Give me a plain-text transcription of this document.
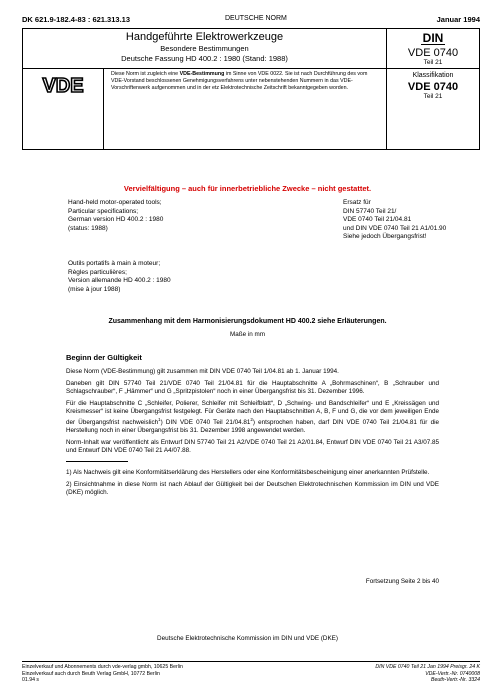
DK 621.9-182.4-83 : 621.313.13	DEUTSCHE NORM	Januar 1994
Handgeführte Elektrowerkzeuge
Besondere Bestimmungen
Deutsche Fassung HD 400.2 : 1980 (Stand: 1988)
DIN
VDE 0740
Teil 21
VDE
Diese Norm ist zugleich eine VDE-Bestimmung im Sinne von VDE 0022. Sie ist nach Durchführung des vom VDE-Vorstand beschlossenen Genehmigungsverfahrens unter nebenstehenden Nummern in das VDE-Vorschriftenwerk aufgenommen und in der etz Elektrotechnische Zeitschrift bekanntgegeben worden.
Klassifikation
VDE 0740
Teil 21
Vervielfältigung – auch für innerbetriebliche Zwecke – nicht gestattet.
Hand-held motor-operated tools;
Particular specifications;
German version HD 400.2 : 1980
(status: 1988)
Outils portatifs à main à moteur;
Règles particulières;
Version allemande HD 400.2 : 1980
(mise à jour 1988)
Ersatz für
DIN 57740 Teil 21/
VDE 0740 Teil 21/04.81
und DIN VDE 0740 Teil 21 A1/01.90
Siehe jedoch Übergangsfrist!
Zusammenhang mit dem Harmonisierungsdokument HD 400.2 siehe Erläuterungen.
Maße in mm
Beginn der Gültigkeit

Diese Norm (VDE-Bestimmung) gilt zusammen mit DIN VDE 0740 Teil 1/04.81 ab 1. Januar 1994.

Daneben gilt DIN 57740 Teil 21/VDE 0740 Teil 21/04.81 für die Hauptabschnitte A „Bohrmaschinen“, B „Schrauber und Schlagschrauber“, F „Hämmer“ und G „Spritzpistolen“ noch in einer Übergangsfrist bis 31. Dezember 1996.

Für die Hauptabschnitte C „Schleifer, Polierer, Schleifer mit Schleifblatt“, D „Schwing- und Bandschleifer“ und E „Kreissägen und Kreismesser“ ist keine Übergangsfrist festgelegt. Für Geräte nach den Hauptabschnitten A, B, F und G, die vor dem jeweiligen Ende der Übergangsfrist nachweislich$^1$) DIN VDE 0740 Teil 21/04.81$^2$) entsprochen haben, darf DIN VDE 0740 Teil 21/04.81 für die Herstellung noch in einer Übergangsfrist bis 31. Dezember 1998 angewendet werden.

Norm-Inhalt war veröffentlicht als Entwurf DIN 57740 Teil 21 A2/VDE 0740 Teil 21 A2/01.84, Entwurf DIN VDE 0740 Teil 21 A3/07.85 und Entwurf DIN VDE 0740 Teil 21 A4/07.88.

1) Als Nachweis gilt eine Konformitätserklärung des Herstellers oder eine Konformitätsbescheinigung einer anerkannten Prüfstelle.

2) Einsichtnahme in diese Norm ist nach Ablauf der Gültigkeit bei der Deutschen Elektrotechnischen Kommission im DIN und VDE (DKE) möglich.

Fortsetzung Seite 2 bis 40
Deutsche Elektrotechnische Kommission im DIN und VDE (DKE)
Einzelverkauf und Abonnements durch vde-verlag gmbh, 10625 Berlin
Einzelverkauf auch durch Beuth Verlag GmbH, 10772 Berlin
01.94 s
DIN VDE 0740 Teil 21 Jan 1994 Preisgr. 24 K
VDE-Vertr.-Nr. 0740008
Beuth-Vertr.-Nr. 3324
